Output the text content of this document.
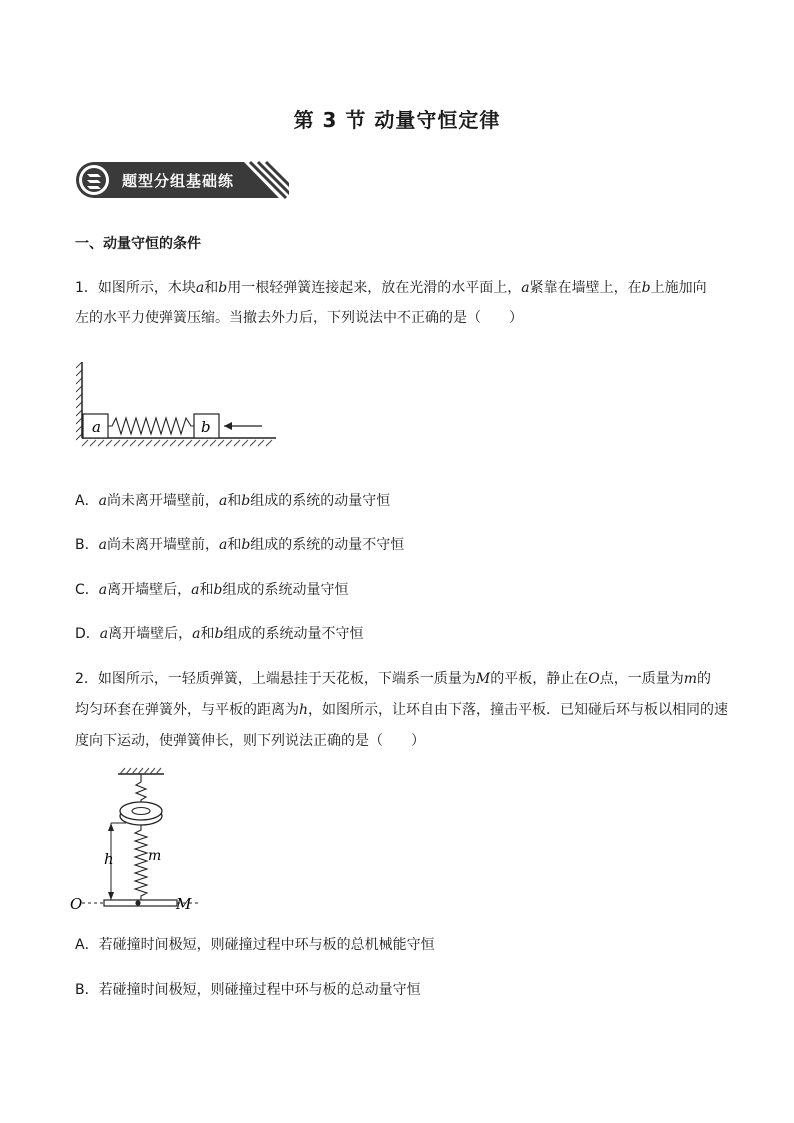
第 3 节 动量守恒定律
题型分组基础练
一、动量守恒的条件
1．如图所示，木块a和b用一根轻弹簧连接起来，放在光滑的水平面上，a紧靠在墙壁上，在b上施加向
左的水平力使弹簧压缩。当撤去外力后，下列说法中不正确的是（　　）
a	b
A．a尚未离开墙壁前，a和b组成的系统的动量守恒
B．a尚未离开墙壁前，a和b组成的系统的动量不守恒
C．a离开墙壁后，a和b组成的系统动量守恒
D．a离开墙壁后，a和b组成的系统动量不守恒
2．如图所示，一轻质弹簧，上端悬挂于天花板，下端系一质量为M的平板，静止在O点，一质量为m的
均匀环套在弹簧外，与平板的距离为h，如图所示，让环自由下落，撞击平板．已知碰后环与板以相同的速
度向下运动，使弹簧伸长，则下列说法正确的是（　　）
h m
O	M
A．若碰撞时间极短，则碰撞过程中环与板的总机械能守恒
B．若碰撞时间极短，则碰撞过程中环与板的总动量守恒
